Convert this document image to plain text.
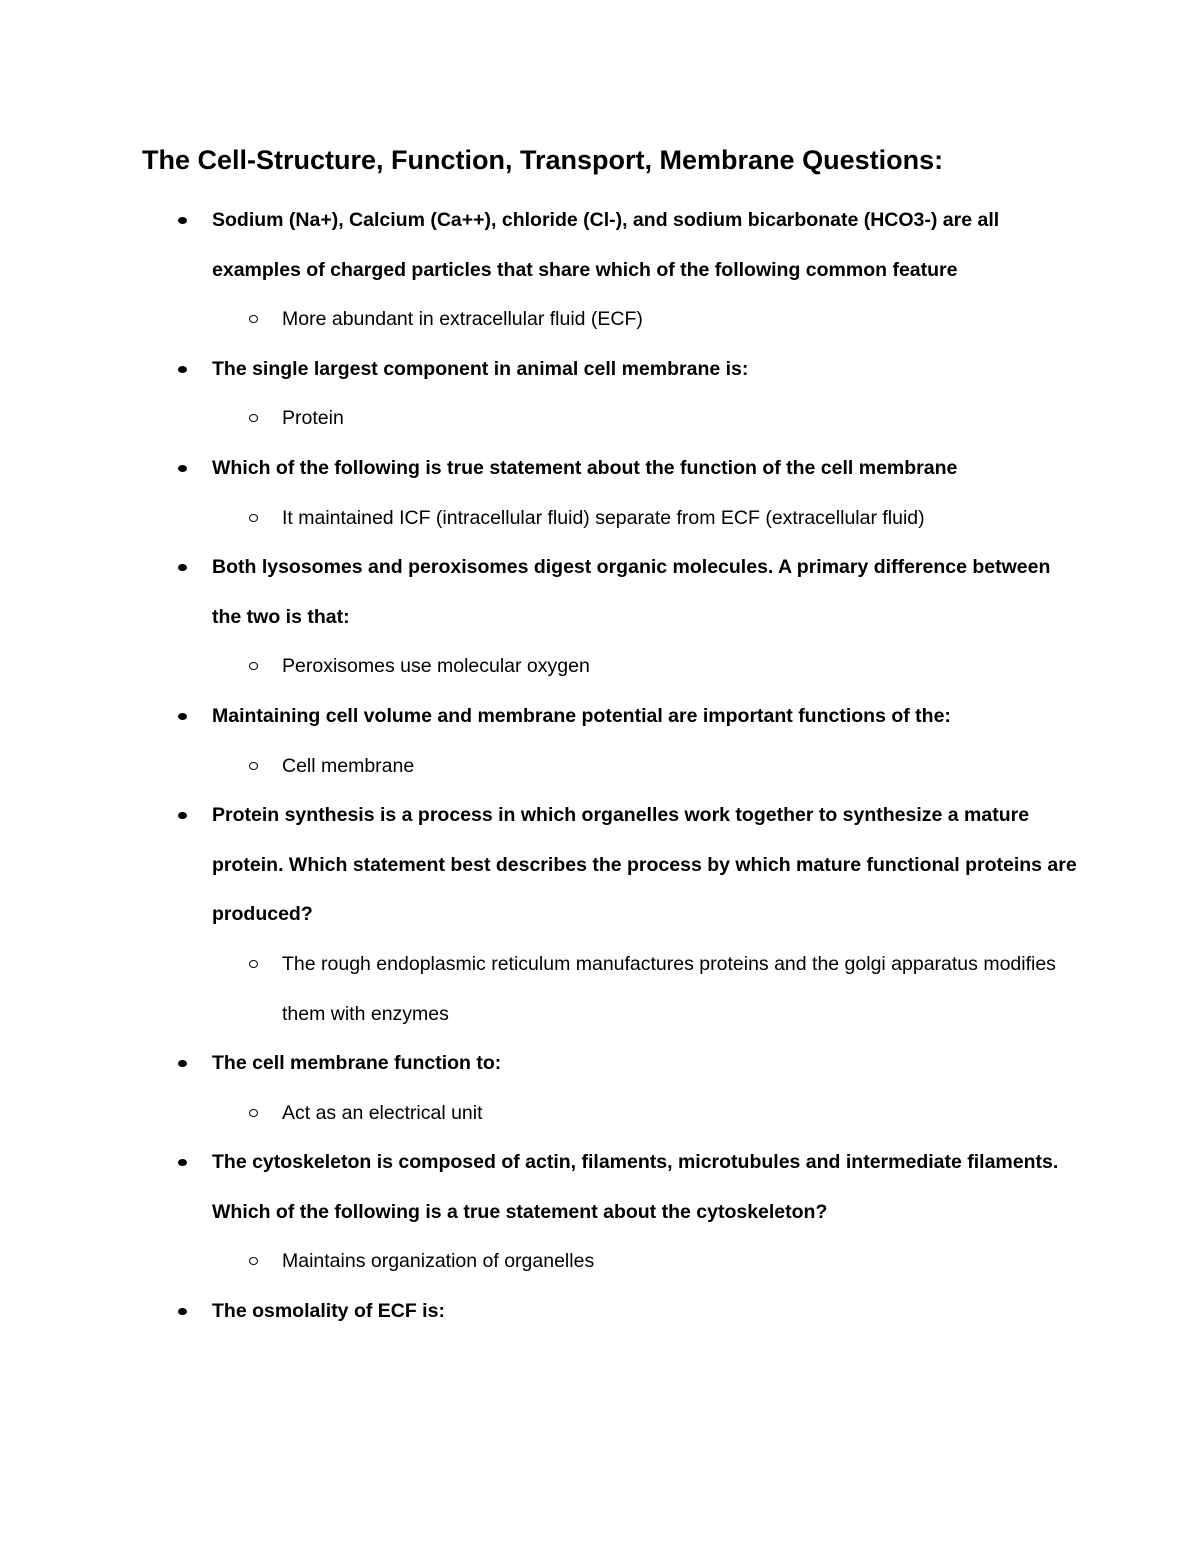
The Cell-Structure, Function, Transport, Membrane Questions:
Sodium (Na+), Calcium (Ca++), chloride (Cl-), and sodium bicarbonate (HCO3-) are all examples of charged particles that share which of the following common feature
More abundant in extracellular fluid (ECF)
The single largest component in animal cell membrane is:
Protein
Which of the following is true statement about the function of the cell membrane
It maintained ICF (intracellular fluid) separate from ECF (extracellular fluid)
Both lysosomes and peroxisomes digest organic molecules. A primary difference between the two is that:
Peroxisomes use molecular oxygen
Maintaining cell volume and membrane potential are important functions of the:
Cell membrane
Protein synthesis is a process in which organelles work together to synthesize a mature protein. Which statement best describes the process by which mature functional proteins are produced?
The rough endoplasmic reticulum manufactures proteins and the golgi apparatus modifies them with enzymes
The cell membrane function to:
Act as an electrical unit
The cytoskeleton is composed of actin, filaments, microtubules and intermediate filaments. Which of the following is a true statement about the cytoskeleton?
Maintains organization of organelles
The osmolality of ECF is:
